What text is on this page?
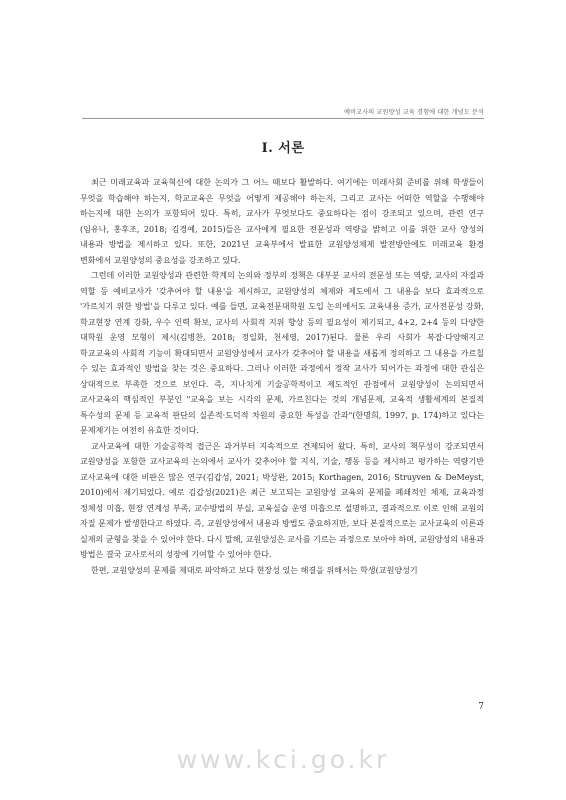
예비교사의 교원양성 교육 경험에 대한 개념도 분석
Ⅰ. 서론

최근 미래교육과 교육혁신에 대한 논의가 그 어느 때보다 활발하다. 여기에는 미래사회 준비를 위해 학생들이 무엇을 학습해야 하는지, 학교교육은 무엇을 어떻게 제공해야 하는지, 그리고 교사는 어떠한 역할을 수행해야 하는지에 대한 논의가 포함되어 있다. 특히, 교사가 무엇보다도 중요하다는 점이 강조되고 있으며, 관련 연구(임유나, 홍후조, 2018; 김경예, 2015)들은 교사에게 필요한 전문성과 역량을 밝히고 이를 위한 교사 양성의 내용과 방법을 제시하고 있다. 또한, 2021년 교육부에서 발표한 교원양성체제 발전방안에도 미래교육 환경 변화에서 교원양성의 중요성을 강조하고 있다.

그런데 이러한 교원양성과 관련한 학계의 논의와 정부의 정책은 대부분 교사의 전문성 또는 역량, 교사의 자질과 역할 등 예비교사가 '갖추어야 할 내용'을 제시하고, 교원양성의 체제와 제도에서 그 내용을 보다 효과적으로 '가르치기 위한 방법'을 다루고 있다. 예를 들면, 교육전문대학원 도입 논의에서도 교육내용 증가, 교사전문성 강화, 학교현장 연계 강화, 우수 인력 확보, 교사의 사회적 지위 향상 등의 필요성이 제기되고, 4+2, 2+4 등의 다양한 대학원 운영 모형이 제시(김병찬, 2018; 정일화, 천세영, 2017)된다. 물론 우리 사회가 복잡·다양해지고 학교교육의 사회적 기능이 확대되면서 교원양성에서 교사가 갖추어야 할 내용을 새롭게 정의하고 그 내용을 가르칠 수 있는 효과적인 방법을 찾는 것은 중요하다. 그러나 이러한 과정에서 정작 교사가 되어가는 과정에 대한 관심은 상대적으로 부족한 것으로 보인다. 즉, 지나치게 기술공학적이고 제도적인 관점에서 교원양성이 논의되면서 교사교육의 핵심적인 부분인 "교육을 보는 시각의 문제, 가르친다는 것의 개념문제, 교육적 생활세계의 본질적 특수성의 문제 등 교육적 판단의 실존적·도덕적 차원의 중요한 특성을 간과"(한명희, 1997, p. 174)하고 있다는 문제제기는 여전히 유효한 것이다.

교사교육에 대한 기술공학적 접근은 과거부터 지속적으로 견제되어 왔다. 특히, 교사의 책무성이 강조되면서 교원양성을 포함한 교사교육의 논의에서 교사가 갖추어야 할 지식, 기술, 행동 등을 제시하고 평가하는 역량기반 교사교육에 대한 비판은 많은 연구(김갑성, 2021; 박상완, 2015; Korthagen, 2016; Struyven & DeMeyst, 2010)에서 제기되었다. 예로 김갑성(2021)은 최근 보고되는 교원양성 교육의 문제를 폐쇄적인 체제, 교육과정 정체성 미흡, 현장 연계성 부족, 교수방법의 부실, 교육실습 운영 미흡으로 설명하고, 결과적으로 이로 인해 교원의 자질 문제가 발생한다고 하였다. 즉, 교원양성에서 내용과 방법도 중요하지만, 보다 본질적으로는 교사교육의 이론과 실제의 균형을 찾을 수 있어야 한다. 다시 말해, 교원양성은 교사를 기르는 과정으로 보아야 하며, 교원양성의 내용과 방법은 결국 교사로서의 성장에 기여할 수 있어야 한다.

한편, 교원양성의 문제를 제대로 파악하고 보다 현장성 있는 해결을 위해서는 학생(교원양성기

7
www.kci.go.kr
